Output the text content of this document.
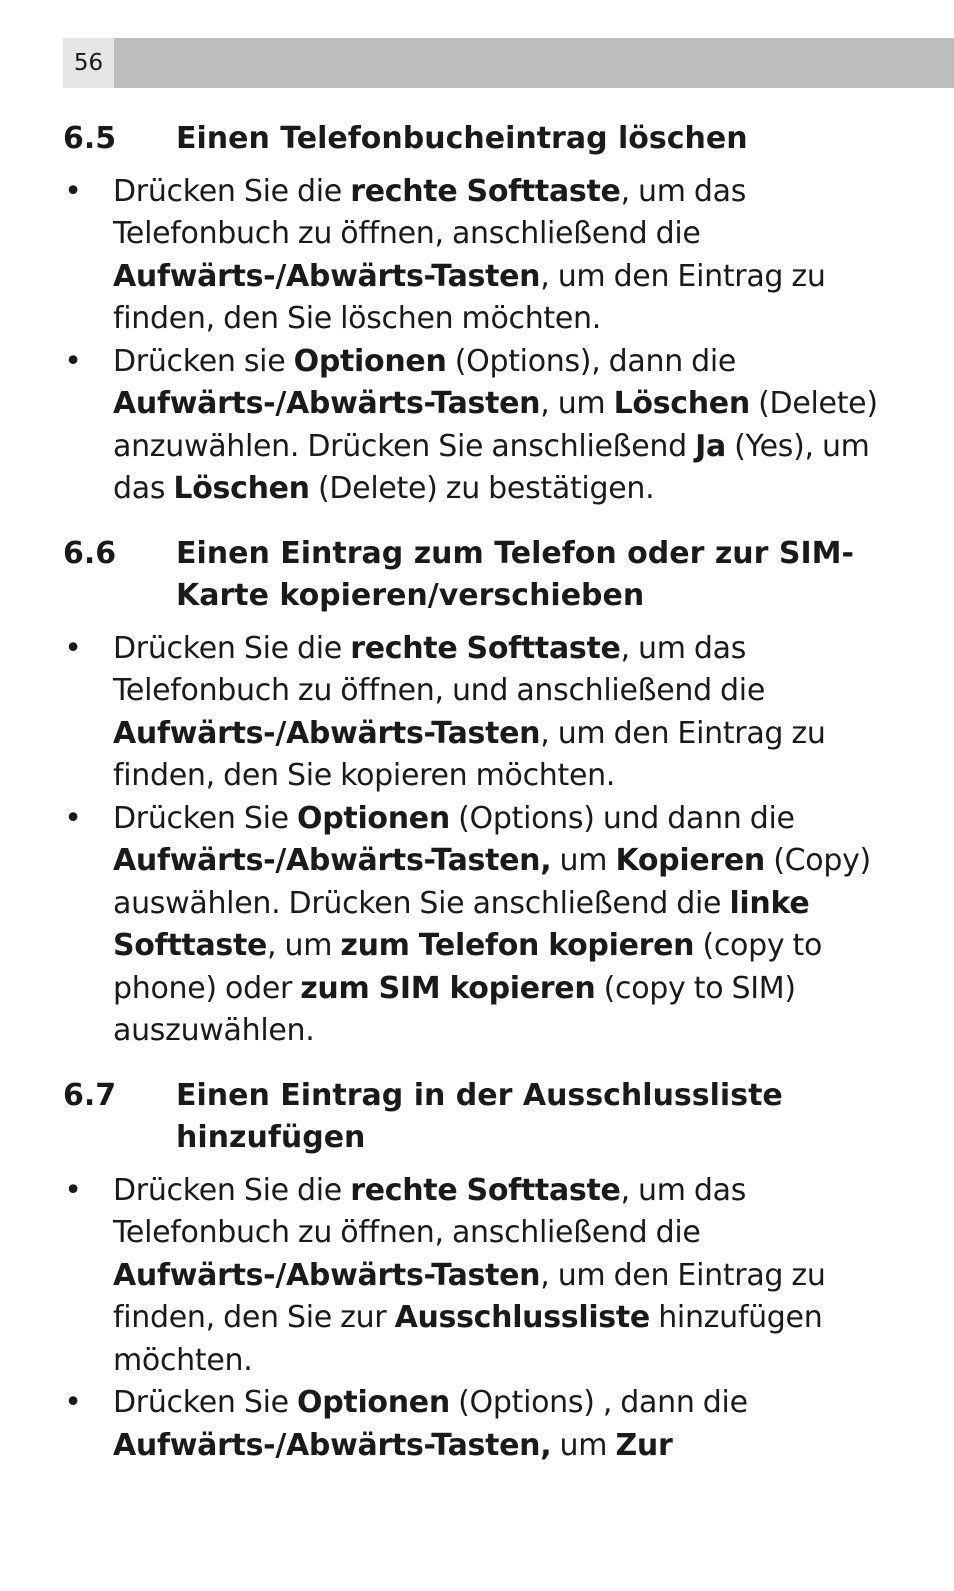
56
6.5	Einen Telefonbucheintrag löschen
• Drücken Sie die rechte Softtaste, um das Telefonbuch zu öffnen, anschließend die Aufwärts-/Abwärts-Tasten, um den Eintrag zu finden, den Sie löschen möchten.
• Drücken sie Optionen (Options), dann die Aufwärts-/Abwärts-Tasten, um Löschen (Delete) anzuwählen. Drücken Sie anschließend Ja (Yes), um das Löschen (Delete) zu bestätigen.
6.6	Einen Eintrag zum Telefon oder zur SIM-Karte kopieren/verschieben
• Drücken Sie die rechte Softtaste, um das Telefonbuch zu öffnen, und anschließend die Aufwärts-/Abwärts-Tasten, um den Eintrag zu finden, den Sie kopieren möchten.
• Drücken Sie Optionen (Options) und dann die Aufwärts-/Abwärts-Tasten, um Kopieren (Copy) auswählen. Drücken Sie anschließend die linke Softtaste, um zum Telefon kopieren (copy to phone) oder zum SIM kopieren (copy to SIM) auszuwählen.
6.7	Einen Eintrag in der Ausschlussliste hinzufügen
• Drücken Sie die rechte Softtaste, um das Telefonbuch zu öffnen, anschließend die Aufwärts-/Abwärts-Tasten, um den Eintrag zu finden, den Sie zur Ausschlussliste hinzufügen möchten.
• Drücken Sie Optionen (Options) , dann die Aufwärts-/Abwärts-Tasten, um Zur
